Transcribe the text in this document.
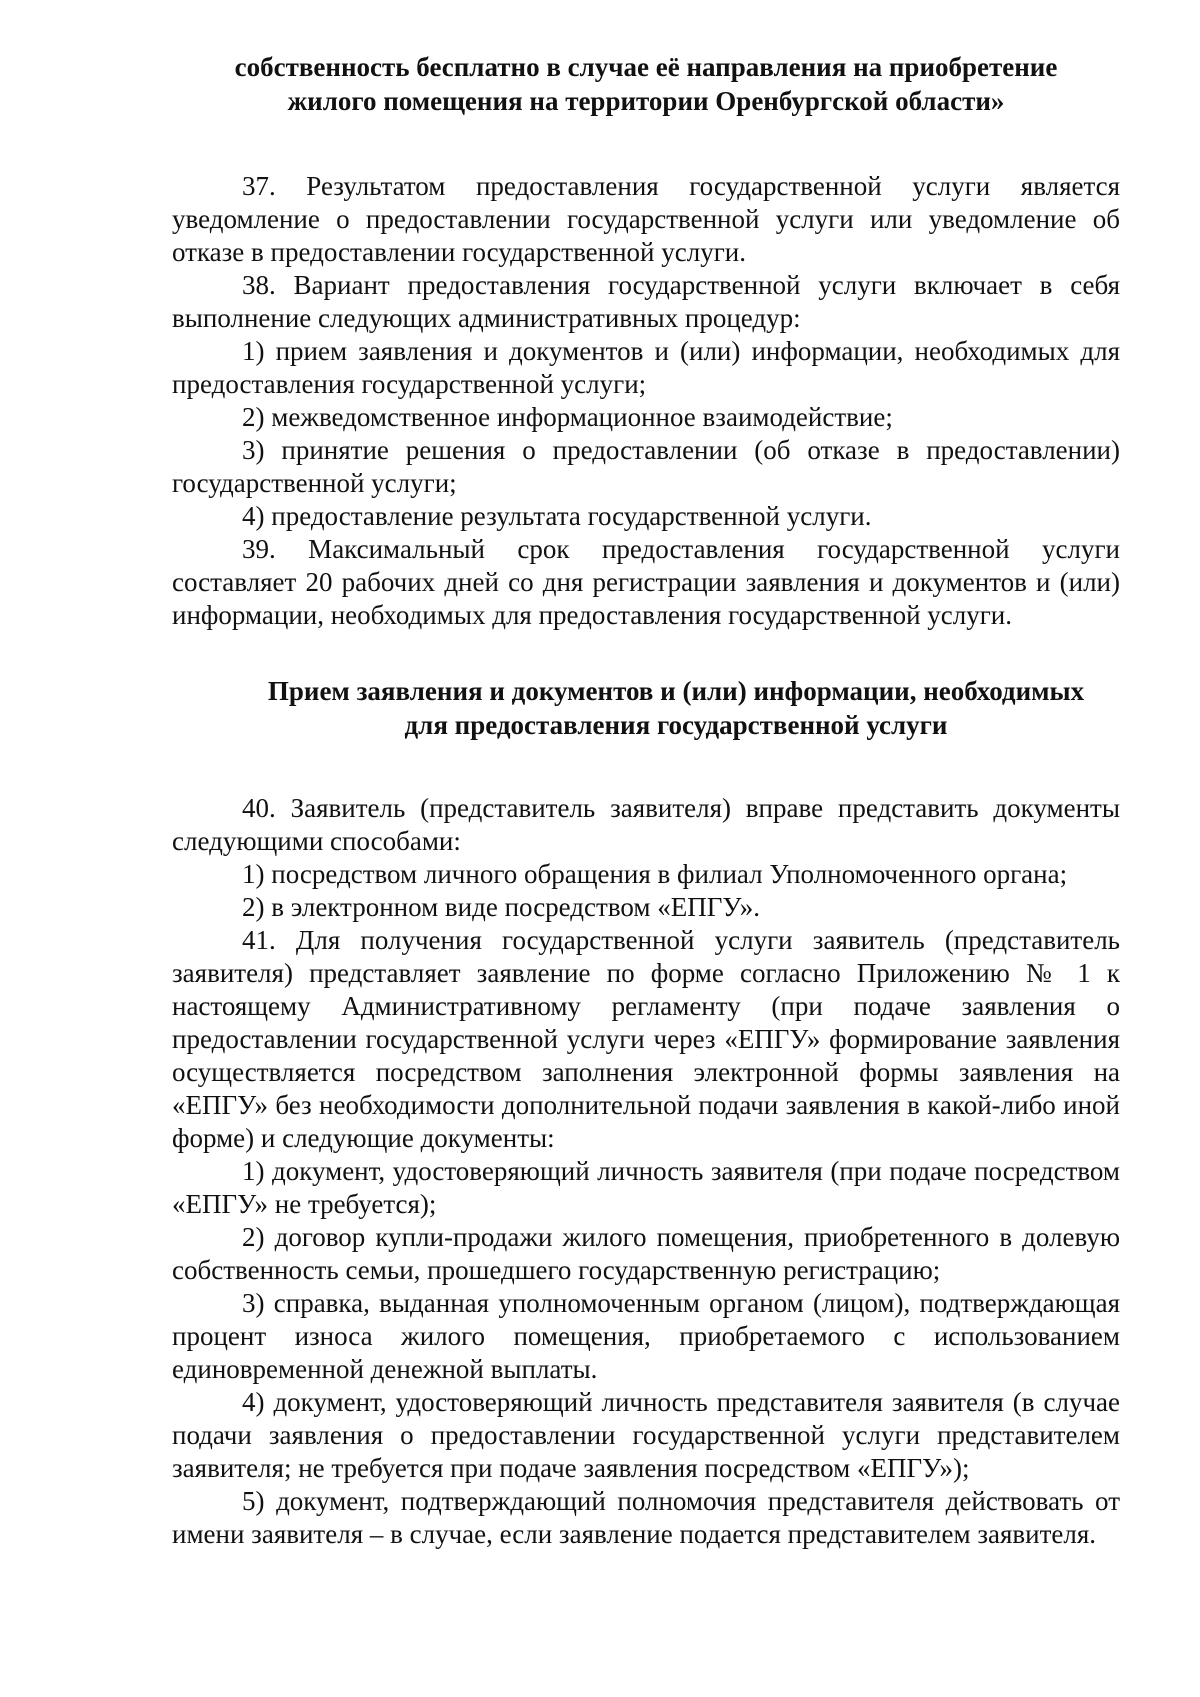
собственность бесплатно в случае её направления на приобретение
жилого помещения на территории Оренбургской области»

37. Результатом предоставления государственной услуги является уведомление о предоставлении государственной услуги или уведомление об отказе в предоставлении государственной услуги.

38. Вариант предоставления государственной услуги включает в себя выполнение следующих административных процедур:

1) прием заявления и документов и (или) информации, необходимых для предоставления государственной услуги;

2) межведомственное информационное взаимодействие;

3) принятие решения о предоставлении (об отказе в предоставлении) государственной услуги;

4) предоставление результата государственной услуги.

39. Максимальный срок предоставления государственной услуги составляет 20 рабочих дней со дня регистрации заявления и документов и (или) информации, необходимых для предоставления государственной услуги.

Прием заявления и документов и (или) информации, необходимых
для предоставления государственной услуги

40. Заявитель (представитель заявителя) вправе представить документы следующими способами:

1) посредством личного обращения в филиал Уполномоченного органа;

2) в электронном виде посредством «ЕПГУ».

41. Для получения государственной услуги заявитель (представитель заявителя) представляет заявление по форме согласно Приложению № 1 к настоящему Административному регламенту (при подаче заявления о предоставлении государственной услуги через «ЕПГУ» формирование заявления осуществляется посредством заполнения электронной формы заявления на «ЕПГУ» без необходимости дополнительной подачи заявления в какой-либо иной форме) и следующие документы:

1) документ, удостоверяющий личность заявителя (при подаче посредством «ЕПГУ» не требуется);

2) договор купли-продажи жилого помещения, приобретенного в долевую собственность семьи, прошедшего государственную регистрацию;

3) справка, выданная уполномоченным органом (лицом), подтверждающая процент износа жилого помещения, приобретаемого с использованием единовременной денежной выплаты.

4) документ, удостоверяющий личность представителя заявителя (в случае подачи заявления о предоставлении государственной услуги представителем заявителя; не требуется при подаче заявления посредством «ЕПГУ»);

5) документ, подтверждающий полномочия представителя действовать от имени заявителя – в случае, если заявление подается представителем заявителя.
